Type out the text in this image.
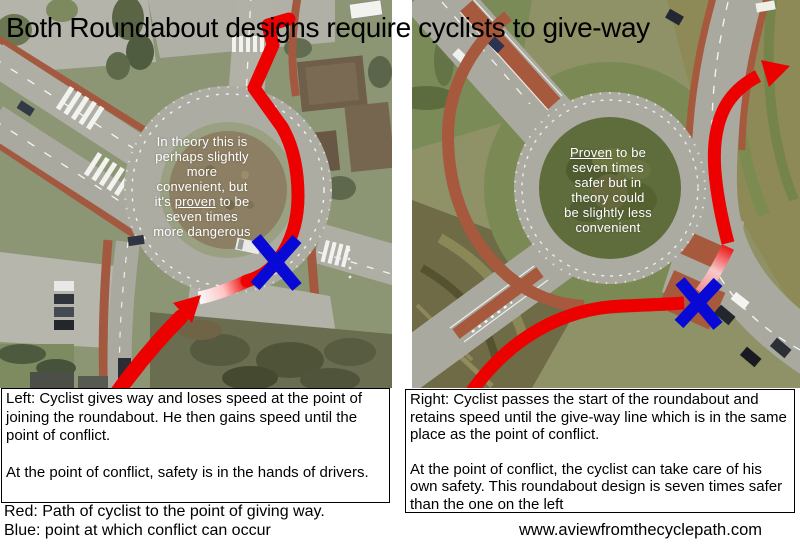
Both Roundabout designs require cyclists to give-way
In theory this is
perhaps slightly
more
convenient, but
it's proven to be
seven times
more dangerous
Proven to be
seven times
safer but in
theory could
be slightly less
convenient

Left: Cyclist gives way and loses speed at the point of joining the roundabout. He then gains speed until the point of conflict.

At the point of conflict, safety is in the hands of drivers.

Right: Cyclist passes the start of the roundabout and retains speed until the give-way line which is in the same place as the point of conflict.

At the point of conflict, the cyclist can take care of his own safety. This roundabout design is seven times safer than the one on the left

Red: Path of cyclist to the point of giving way.
Blue: point at which conflict can occur	www.aviewfromthecyclepath.com
